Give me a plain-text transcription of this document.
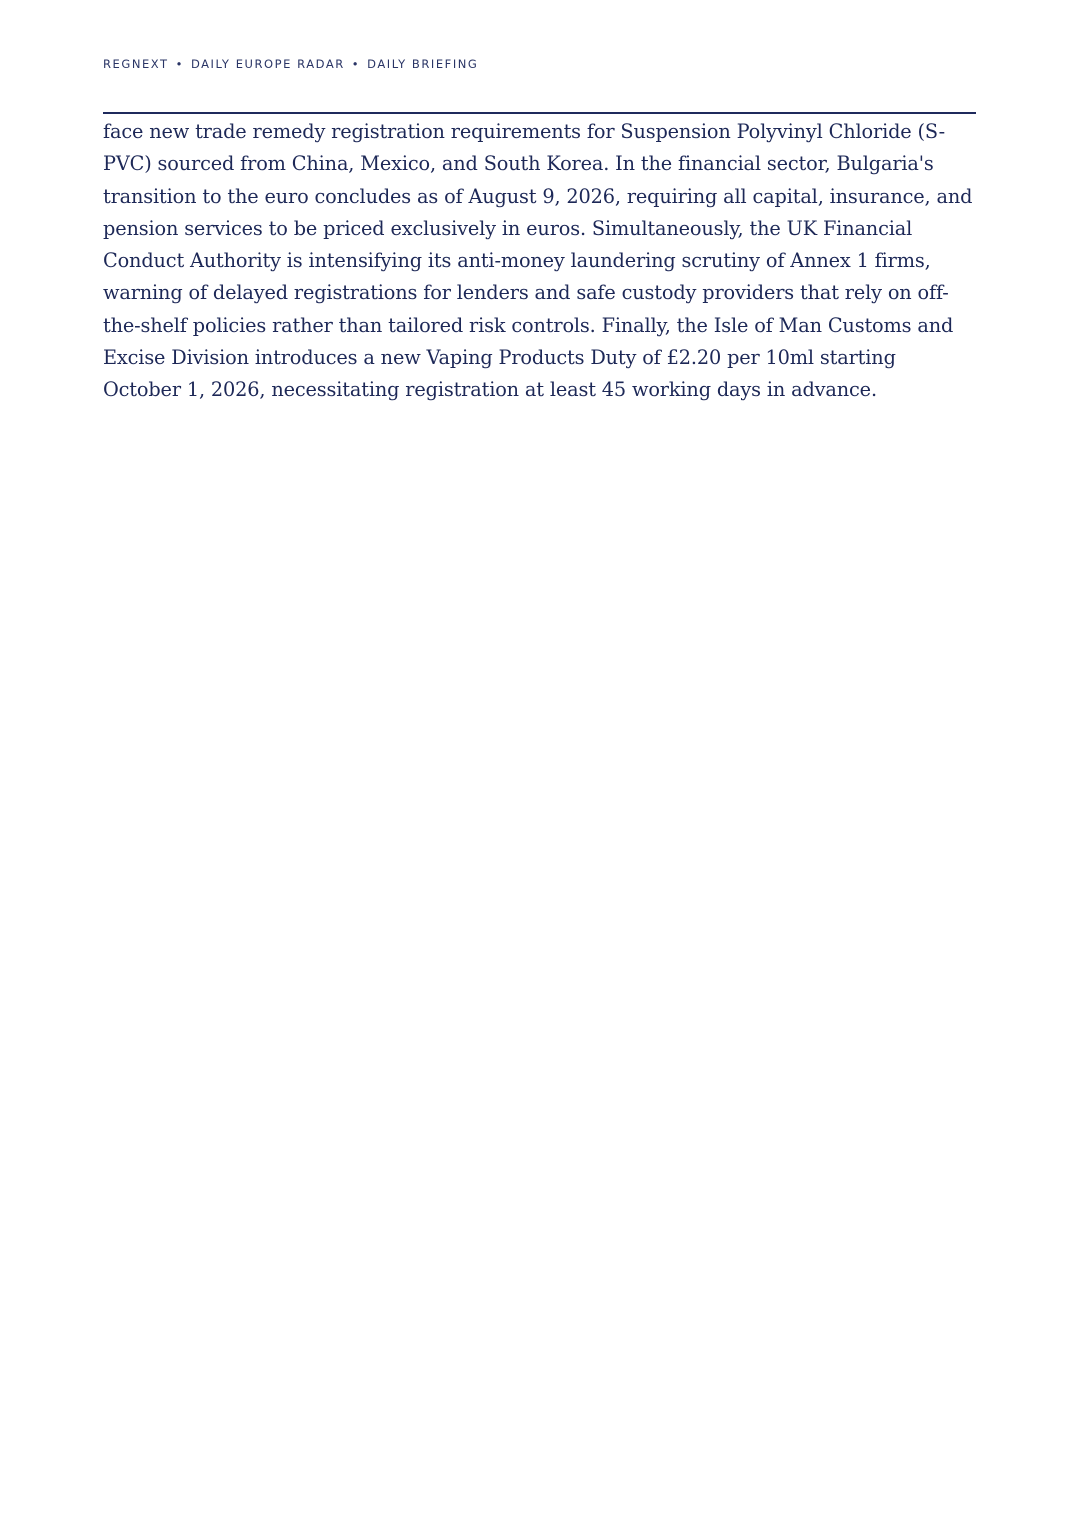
REGNEXT • DAILY EUROPE RADAR • DAILY BRIEFING

face new trade remedy registration requirements for Suspension Polyvinyl Chloride (S-PVC) sourced from China, Mexico, and South Korea. In the financial sector, Bulgaria's transition to the euro concludes as of August 9, 2026, requiring all capital, insurance, and pension services to be priced exclusively in euros. Simultaneously, the UK Financial Conduct Authority is intensifying its anti-money laundering scrutiny of Annex 1 firms, warning of delayed registrations for lenders and safe custody providers that rely on off-the-shelf policies rather than tailored risk controls. Finally, the Isle of Man Customs and Excise Division introduces a new Vaping Products Duty of £2.20 per 10ml starting October 1, 2026, necessitating registration at least 45 working days in advance.
